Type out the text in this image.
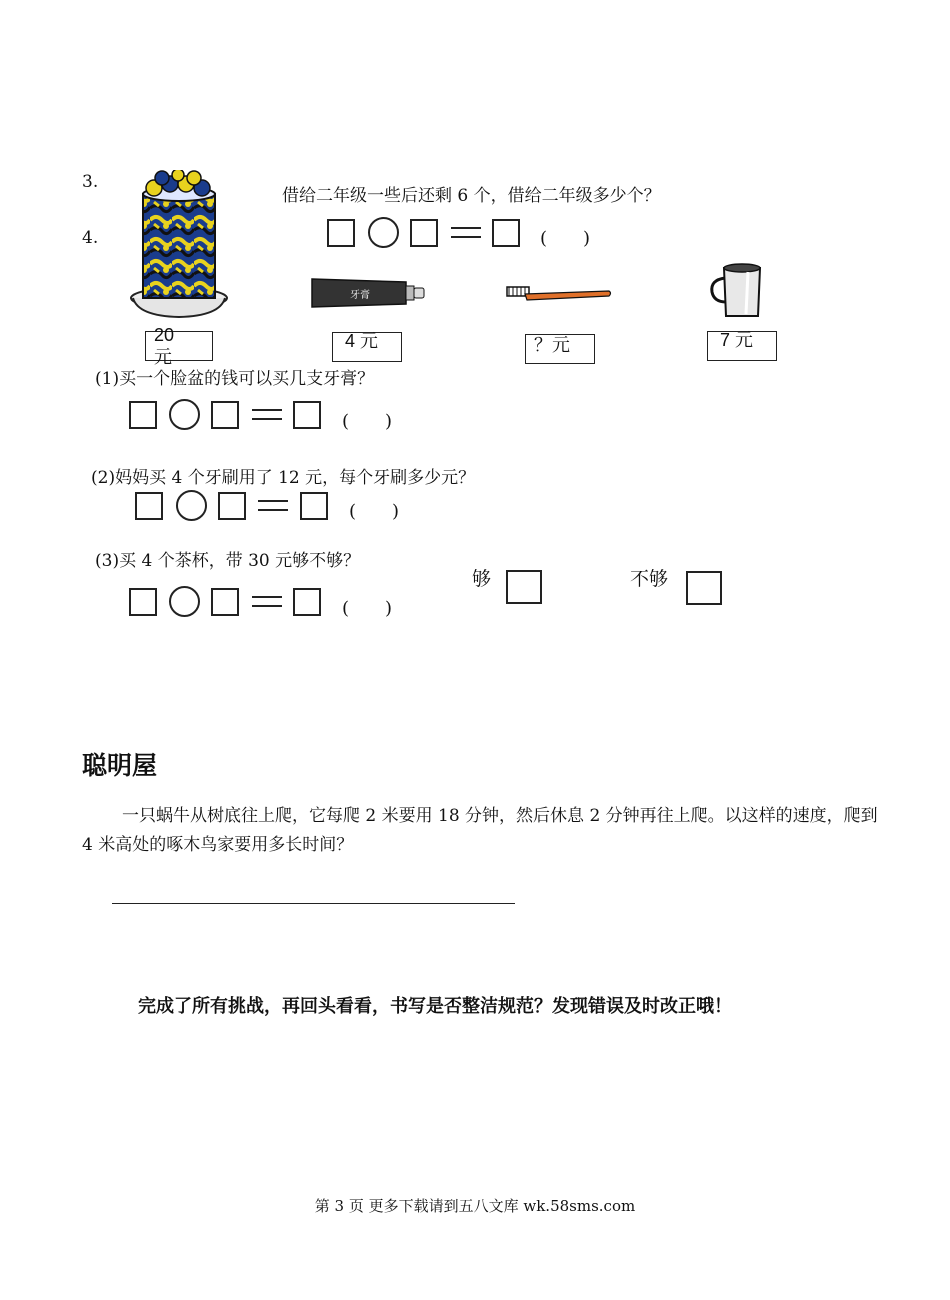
3.
借给二年级一些后还剩 6 个，借给二年级多少个？
4.	(　　)
牙膏
20元
4 元	？元	7 元
(1)买一个脸盆的钱可以买几支牙膏？
(　　)
(2)妈妈买 4 个牙刷用了 12 元，每个牙刷多少元？
(　　)
(3)买 4 个茶杯，带 30 元够不够？
够	不够
(　　)
聪明屋
一只蜗牛从树底往上爬，它每爬 2 米要用 18 分钟，然后休息 2 分钟再往上爬。以这样的速度，爬到 4 米高处的啄木鸟家要用多长时间？
完成了所有挑战，再回头看看，书写是否整洁规范？发现错误及时改正哦！
第 3 页 更多下载请到五八文库 wk.58sms.com
